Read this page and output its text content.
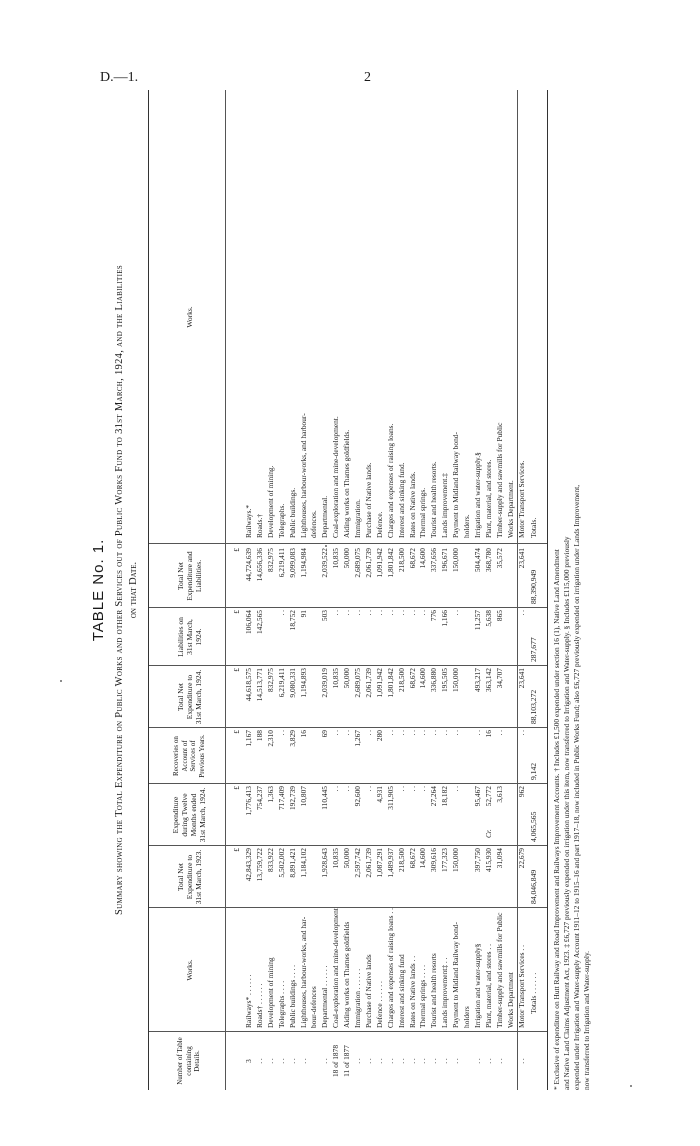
D.—1.	2
TABLE No. 1. Summary showing the Total Expenditure on Public Works and other Services out of Public Works Fund to 31st March, 1924, and the Liabilities on that Date.
Number of Table containing Details.
Works.
Total Net Expenditure to 31st March, 1923.
Expenditure during Twelve Months ended 31st March, 1924.
Recoveries on Account of Services of Previous Years.
Total Net Expenditure to 31st March, 1924.
Liabilities on 31st March, 1924.
Total Net Expenditure and Liabilities.
Works.
£
£
£
£
£
£
3
Railways* . . . . . .
42,843,329
1,776,413
1,167
44,618,575
106,064
44,724,639
Railways.*
. .
Roads† . . . . . .
13,759,722
754,237
188
14,513,771
142,565
14,656,336
Roads.†
. .
Development of mining
833,922
1,363
2,310
832,975
832,975
Development of mining.
. .
Telegraphs . . . .
5,502,002
717,409
. .
6,219,411
. .
6,219,411
Telegraphs.
. .
Public buildings . . . .
8,891,421
192,739
3,829
9,080,331
18,752
9,099,083
Public buildings.
. .
Lighthouses, harbour-works, and har-
1,184,102
10,807
16
1,194,893
91
1,194,984
Lighthouses, harbour-works, and harbour-
bour-defences
defences.
. .
Departmental . . . . . .
1,928,643
110,445
69
2,039,019
503
2,039,522
Departmental.
18 of 1878
Coal-exploration and mine-development
10,835
. .
. .
10,835
. .
10,835
Coal-exploration and mine-development.
11 of 1877
Aiding works on Thames goldfields
50,000
. .
. .
50,000
. .
50,000
Aiding works on Thames goldfields.
. .
Immigration . . . . . .
2,597,742
92,600
1,267
2,689,075
. .
2,689,075
Immigration.
. .
Purchase of Native lands
2,061,739
. .
. .
2,061,739
. .
2,061,739
Purchase of Native lands.
. .
Defence . . . . . .
1,087,291
4,931
280
1,091,942
. .
1,091,942
Defence.
. .
Charges and expenses of raising loans . .
1,489,937
311,905
. .
1,801,842
. .
1,801,842
Charges and expenses of raising loans.
. .
Interest and sinking fund
218,500
. .
. .
218,500
. .
218,500
Interest and sinking fund.
. .
Rates on Native lands . .
68,672
. .
. .
68,672
. .
68,672
Rates on Native lands.
. .
Thermal springs . . . .
14,600
. .
. .
14,600
. .
14,600
Thermal springs.
. .
Tourist and health resorts
309,616
27,264
. .
336,880
776
337,656
Tourist and health resorts.
. .
Lands improvement‡ . .
177,323
18,182
. .
195,505
1,166
196,671
Lands improvement.‡
. .
Payment to Midland Railway bond-
150,000
. .
. .
150,000
. .
150,000
Payment to Midland Railway bond-
holders
holders.
. .
Irrigation and water-supply§
397,750
95,467
. .
493,217
11,257
504,474
Irrigation and water-supply.§
. .
Plant, material, and stores . .
415,930
52,772
16
363,142
5,638
368,780
Plant, material, and stores.
Cr.
. .
Timber-supply and sawmills for Public
31,094
3,613
. .
34,707
865
35,572
Timber-supply and sawmills for Public
Works Department
Works Department.
. .
Motor Transport Services . .
22,679
962
. .
23,641
. .
23,641
Motor Transport Services.
Totals . . . . . .
84,046,849
4,065,565
9,142
88,103,272
287,677
88,390,949
Totals.
* Exclusive of expenditure on Hutt Railway and Road Improvement and Railways Improvement Accounts. † Includes £1,500 expended under section 16 (1), Native Land Amendment and Native Land Claims Adjustment Act, 1923. ‡ £6,727 previously expended on irrigation under this item, now transferred to Irrigation and Water-supply. § Includes £115,000 previously expended under Irrigation and Water-supply Account 1911–12 to 1915–16 and part 1917–18, now included in Public Works Fund; also £6,727 previously expended on irrigation under Lands Improvement, now transferred to Irrigation and Water-supply.
